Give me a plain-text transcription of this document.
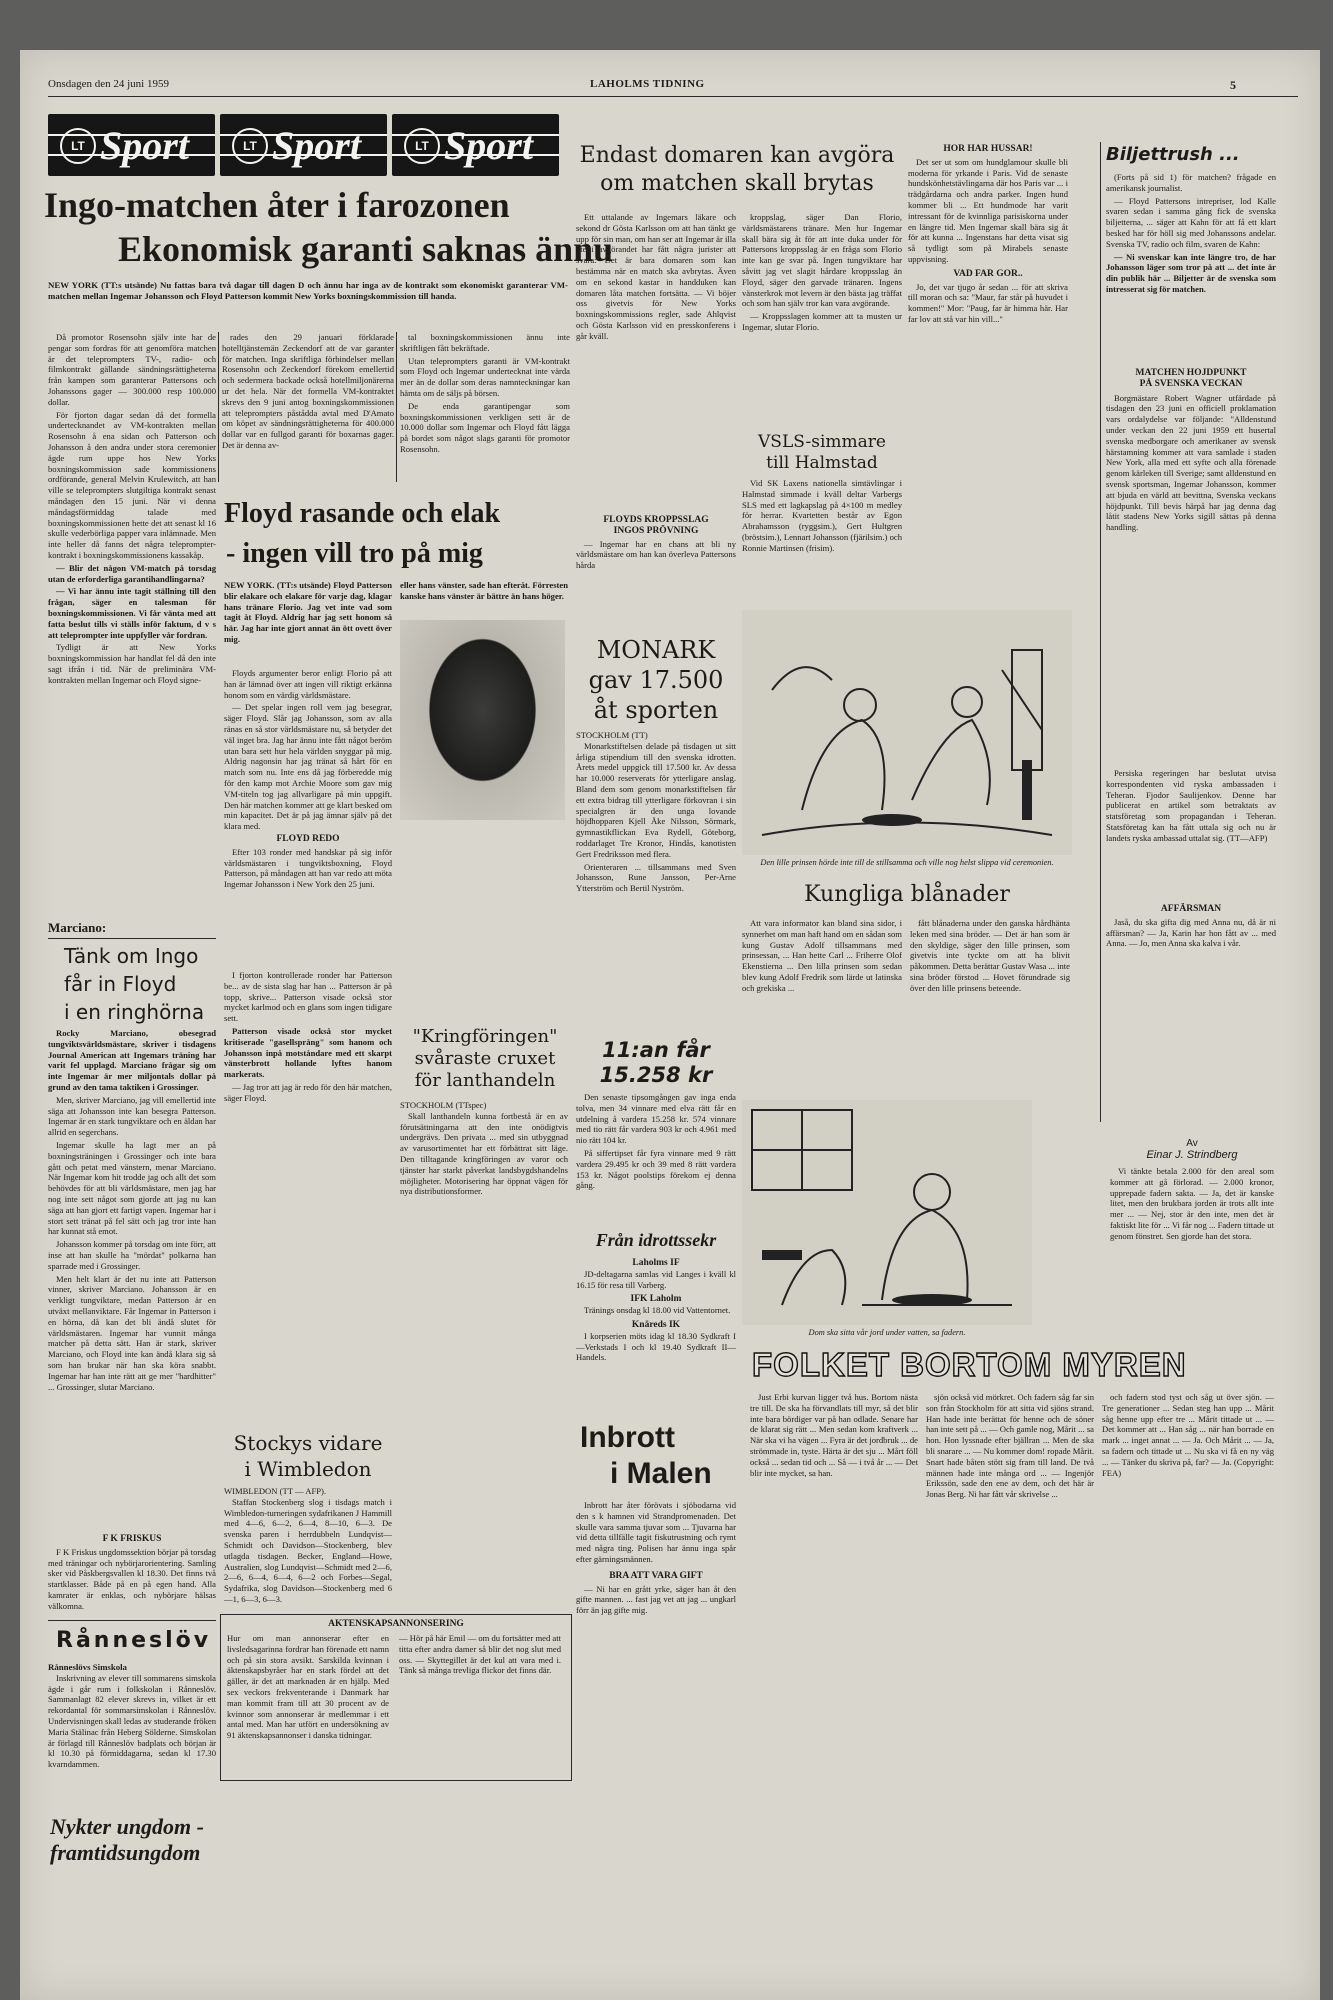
Onsdagen den 24 juni 1959	LAHOLMS TIDNING	5
LT Sport	LT Sport	LT Sport
Ingo-matchen åter i farozonen
Ekonomisk garanti saknas ännu
NEW YORK (TT:s utsände) Nu fattas bara två dagar till dagen D och ännu har inga av de kontrakt som ekonomiskt garanterar VM-matchen mellan Ingemar Johansson och Floyd Patterson kommit New Yorks boxningskommission till handa.

Då promotor Rosensohn själv inte har de pengar som fordras för att genomföra matchen är det teleprompters TV-, radio- och filmkontrakt gällande sändningsrättigheterna från kampen som garanterar Pattersons och Johanssons gager — 300.000 resp 100.000 dollar.

För fjorton dagar sedan då det formella undertecknandet av VM-kontrakten mellan Rosensohn å ena sidan och Patterson och Johansson å den andra under stora ceremonier ägde rum uppe hos New Yorks boxningskommission sade kommissionens ordförande, general Melvin Krulewitch, att han ville se teleprompters slutgiltiga kontrakt senast måndagen den 15 juni. När vi denna måndagsförmiddag talade med boxningskommissionen hette det att senast kl 16 skulle vederbörliga papper vara inlämnade. Men inte heller då fanns det några teleprompter-kontrakt i boxningskommissionens kassakåp.

— Blir det någon VM-match på torsdag utan de erforderliga garantihandlingarna?

— Vi har ännu inte tagit ställning till den frågan, säger en talesman för boxningskommissionen. Vi får vänta med att fatta beslut tills vi ställs inför faktum, d v s att teleprompter inte uppfyller vår fordran.

Tydligt är att New Yorks boxningskommission har handlat fel då den inte sagt ifrån i tid. När de preliminära VM-kontrakten mellan Ingemar och Floyd signe-

rades den 29 januari förklarade hotelltjänstemän Zeckendorf att de var garanter för matchen. Inga skriftliga förbindelser mellan Rosensohn och Zeckendorf förekom emellertid och sedermera backade också hotellmiljonärerna ur det hela. När det formella VM-kontraktet skrevs den 9 juni antog boxningskommissionen att teleprompters påstådda avtal med D'Amato om köpet av sändningsrättigheterna för 400.000 dollar var en fullgod garanti för boxarnas gager. Det är denna av-

tal boxningskommissionen ännu inte skriftligen fått bekräftade.

Utan teleprompters garanti är VM-kontrakt som Floyd och Ingemar undertecknat inte värda mer än de dollar som deras namnteckningar kan hämta om de säljs på börsen.

De enda garantipengar som boxningskommissionen verkligen sett är de 10.000 dollar som Ingemar och Floyd fått lägga på bordet som något slags garanti för promotor Rosensohn.

Floyd rasande och elak
- ingen vill tro på mig
NEW YORK. (TT:s utsände) Floyd Patterson blir elakare och elakare för varje dag, klagar hans tränare Florio. Jag vet inte vad som tagit åt Floyd. Aldrig har jag sett honom så här. Jag har inte gjort annat än ött ovett över mig.
eller hans vänster, sade han efteråt. Förresten kanske hans vänster är bättre än hans höger.

Floyds argumenter beror enligt Florio på att han är lämnad över att ingen vill riktigt erkänna honom som en värdig världsmästare.

— Det spelar ingen roll vem jag besegrar, säger Floyd. Slår jag Johansson, som av alla ränas en så stor världsmästare nu, så betyder det väl inget bra. Jag har ännu inte fått något beröm utan bara sett hur hela världen snyggar på mig. Aldrig nagonsin har jag tränat så hårt för en match som nu. Inte ens då jag förberedde mig för den kamp mot Archie Moore som gav mig VM-titeln tog jag allvarligare på min uppgift. Den här matchen kommer att ge klart besked om min kapacitet. Det är på jag ämnar själv på det klara med.

FLOYD REDO

Efter 103 ronder med handskar på sig inför världsmästaren i tungviktsboxning, Floyd Patterson, på måndagen att han var redo att möta Ingemar Johansson i New York den 25 juni.

I fjorton kontrollerade ronder har Patterson be... av de sista slag har han ... Patterson är på topp, skrive... Patterson visade också stor mycket karlmod och en glans som ingen tidigare sett.

Patterson visade också stor mycket kritiserade "gasellsprång" som hanom och Johansson inpå motståndare med ett skarpt vänsterbrott hollande lyftes hanom markerats.

— Jag tror att jag är redo för den här matchen, säger Floyd.

Marciano:
Tänk om Ingo
får in Floyd
i en ringhörna

Rocky Marciano, obesegrad tungviktsvärldsmästare, skriver i tisdagens Journal American att Ingemars träning har varit fel upplagd. Marciano frågar sig om inte Ingemar är mer miljontals dollar på grund av den tama taktiken i Grossinger.

Men, skriver Marciano, jag vill emellertid inte säga att Johansson inte kan besegra Patterson. Ingemar är en stark tungviktare och en äldan har allrid en segerchans.

Ingemar skulle ha lagt mer an på boxningsträningen i Grossinger och inte bara gått och petat med vänstern, menar Marciano. När Ingemar kom hit trodde jag och allt det som behövdes för att bli världsmästare, men jag har nog inte sett något som gjorde att jag nu kan säga att han gjort ett fartigt vapen. Ingemar har i stort sett tränat på fel sätt och jag tror inte han har kunnat stå emot.

Johansson kommer på torsdag om inte förr, att inse att han skulle ha "mördat" polkarna han sparrade med i Grossinger.

Men helt klart är det nu inte att Patterson vinner, skriver Marciano. Johansson är en verkligt tungviktare, medan Patterson är en utväxt mellanviktare. Får Ingemar in Patterson i en hörna, då kan det bli ändå slutet för världsmästaren. Ingemar har vunnit många matcher på detta sätt. Han är stark, skriver Marciano, och Floyd inte kan ändå klara sig så som han brukar när han ska köra snabbt. Ingemar har han inte rätt att ge mer "hardhitter" ... Grossinger, slutar Marciano.

F K FRISKUS

F K Friskus ungdomssektion börjar på torsdag med träningar och nybörjarorientering. Samling sker vid Påskbergsvallen kl 18.30. Det finns två startklasser. Både på en på egen hand. Alla kamrater är enklas, och nybörjare hälsas välkomna.

Rånneslöv
Rånneslövs Simskola

Inskrivning av elever till sommarens simskola ägde i går rum i folkskolan i Rånneslöv. Sammanlagt 82 elever skrevs in, vilket är ett rekordantal för sommarsimskolan i Rånneslöv. Undervisningen skall ledas av studerande fröken Maria Stälinac från Heberg Sölderne. Simskolan är förlagd till Rånneslöv badplats och början är kl 10.30 på förmiddagarna, sedan kl 17.30 kvarndammen.

Nykter ungdom - framtidsungdom
AKTENSKAPSANNONSERING
Hur om man annonserar efter en livsledsagarinna fordrar han förenade ett namn och på sin stora avsikt. Sarskilda kvinnan i äktenskapsbyråer har en stark fördel att det gäller, är det att marknaden är en hjälp. Med sex veckors frekventerande i Danmark har man kommit fram till att 30 procent av de kvinnor som annonserar är medlemmar i ett antal med. Man har utfört en undersökning av 91 äktenskapsannonser i danska tidningar.
— Hör på här Emil — om du fortsätter med att titta efter andra damer så blir det nog slut med oss. — Skyttegillet är det kul att vara med i. Tänk så många trevliga flickor det finns där.
"Kringföringen"
svåraste cruxet
för lanthandeln
STOCKHOLM (TTspec)

Skall lanthandeln kunna fortbestå är en av förutsättningarna att den inte onödigtvis undergrävs. Den privata ... med sin utbyggnad av varusortimentet har ett förbättrat sitt läge. Den tilltagande kringföringen av varor och tjänster har starkt påverkat landsbygdshandelns möjligheter. Motorisering har öppnat vägen för nya distributionsformer.

Stockys vidare
i Wimbledon
WIMBLEDON (TT — AFP).

Staffan Stockenberg slog i tisdags match i Wimbledon-turneringen sydafrikanen J Hammill med 4—6, 6—2, 6—4, 8—10, 6—3. De svenska paren i herrdubbeln Lundqvist—Schmidt och Davidson—Stockenberg, blev utlagda tisdagen. Becker, England—Howe, Australien, slog Lundqvist—Schmidt med 2—6, 2—6, 6—4, 6—4, 6—2 och Forbes—Segal, Sydafrika, slog Davidson—Stockenberg med 6—1, 6—3, 6—3.

Endast domaren kan avgöra
om matchen skall brytas

Ett uttalande av Ingemars läkare och sekond dr Gösta Karlsson om att han tänkt ge upp för sin man, om han ser att Ingemar är illa ute i avgörandet har fått några jurister att svara: Det är bara domaren som kan bestämma när en match ska avbrytas. Även om en sekond kastar in handduken kan domaren låta matchen fortsätta. — Vi böjer oss givetvis för New Yorks boxningskommissions regler, sade Ahlqvist och Gösta Karlsson vid en presskonferens i går kväll.

kroppslag, säger Dan Florio, världsmästarens tränare. Men hur Ingemar skall bära sig åt för att inte duka under för Pattersons kroppsslag är en fråga som Florio inte kan ge svar på. Ingen tungviktare har såvitt jag vet slagit hårdare kroppsslag än Floyd, säger den garvade tränaren. Ingens vänsterkrok mot levern är den bästa jag träffat och som han själv tror kan vara avgörande.

— Kroppsslagen kommer att ta musten ur Ingemar, slutar Florio.

FLOYDS KROPPSSLAG
INGOS PRÖVNING

— Ingemar har en chans att bli ny världsmästare om han kan överleva Pattersons hårda

VSLS-simmare
till Halmstad

Vid SK Laxens nationella simtävlingar i Halmstad simmade i kväll deltar Varbergs SLS med ett lagkapslag på 4×100 m medley för herrar. Kvartetten består av Egon Abrahamsson (ryggsim.), Gert Hultgren (bröstsim.), Lennart Johansson (fjärilsim.) och Ronnie Martinsen (frisim).

MONARK
gav 17.500
åt sporten
STOCKHOLM (TT)

Monarkstiftelsen delade på tisdagen ut sitt årliga stipendium till den svenska idrotten. Årets medel uppgick till 17.500 kr. Av dessa har 10.000 reserverats för ytterligare anslag. Bland dem som genom monarkstiftelsen får ett extra bidrag till ytterligare förkovran i sin specialgren är den unga lovande höjdhopparen Kjell Åke Nilsson, Sörmark, gymnastikflickan Eva Rydell, Göteborg, roddarlaget Tre Kronor, Hindås, kanotisten Gert Fredriksson med flera.

Orienteraren ... tillsammans med Sven Johansson, Rune Jansson, Per-Arne Ytterström och Bertil Nyström.

11:an får
15.258 kr

Den senaste tipsomgången gav inga enda tolva, men 34 vinnare med elva rätt får en utdelning å vardera 15.258 kr. 574 vinnare med tio rätt får vardera 903 kr och 4.961 med nio rätt 104 kr.

På siffertipset får fyra vinnare med 9 rätt vardera 29.495 kr och 39 med 8 rätt vardera 153 kr. Något poolstips förekom ej denna gång.

Från idrottssekr
Laholms IF

JD-deltagarna samlas vid Langes i kväll kl 16.15 för resa till Varberg.

IFK Laholm

Tränings onsdag kl 18.00 vid Vattentornet.

Knäreds IK

I korpserien möts idag kl 18.30 Sydkraft I—Verkstads I och kl 19.40 Sydkraft II—Handels.

Inbrott
i Malen

Inbrott har åter förövats i sjöbodarna vid den s k hamnen vid Strandpromenaden. Det skulle vara samma tjuvar som ... Tjuvarna har vid detta tillfälle tagit fiskutrustning och rymt med några ting. Polisen har ännu inga spår efter gärningsmännen.

BRA ATT VARA GIFT

— Ni har en grått yrke, säger han åt den gifte mannen. ... fast jag vet att jag ... ungkarl förr än jag gifte mig.

HOR HAR HUSSAR!

Det ser ut som om hundglamour skulle bli moderna för yrkande i Paris. Vid de senaste hundskönhetstävlingarna där hos Paris var ... i trädgårdarna och andra parker. Ingen hund kommer bli ... Ett hundmode har varit intressant för de kvinnliga parisiskorna under en längre tid. Men Ingemar skall bära sig åt för att kunna ... Ingenstans har detta visat sig så tydligt som på Mirabels senaste uppvisning.

VAD FAR GOR..

Jo, det var tjugo år sedan ... för att skriva till moran och sa: "Maur, far står på huvudet i kommen!" Mor: "Paug, far är himma här. Har far lov att stå var hin vill..."

Den lille prinsen hörde inte till de stillsamma och ville nog helst slippa vid ceremonien.
Kungliga blånader

Att vara informator kan bland sina sidor, i synnerhet om man haft hand om en sådan som kung Gustav Adolf tillsammans med prinsessan, ... Han hette Carl ... Friherre Olof Ekenstierna ... Den lilla prinsen som sedan blev kung Adolf Fredrik som lärde ut latinska och grekiska ...

fått blånaderna under den ganska hårdhänta leken med sina bröder. — Det är han som är den skyldige, säger den lille prinsen, som givetvis inte tyckte om att ha blivit påkommen. Detta berättar Gustav Wasa ... inte sina bröder förstod ... Hovet förundrade sig över den lille prinsens beteende.

Dom ska sitta vår jord under vatten, sa fadern.
Av
Einar J. Strindberg

Vi tänkte betala 2.000 för den areal som kommer att gå förlorad. — 2.000 kronor, upprepade fadern sakta. — Ja, det är kanske litet, men den brukbara jorden är trots allt inte mer ... — Nej, stor är den inte, men det är faktiskt lite för ... Vi får nog ... Fadern tittade ut genom fönstret. Sen gjorde han det stora.

FOLKET BORTOM MYREN

Just Erbi kurvan ligger två hus. Bortom nästa tre till. De ska ha förvandlats till myr, så det blir inte bara bördiger var på han odlade. Senare har de klarat sig rätt ... Men sedan kom kraftverk ... När ska vi ha vägen ... Fyra är det jordbruk ... de strömmade in, tyste. Härta är det sju ... Mårt föll också ... sedan tid och ... Så — i två år ... — Det blir inte mycket, sa han.

sjön också vid mörkret. Och fadern såg far sin son från Stockholm för att sitta vid sjöns strand. Han hade inte berättat för henne och de söner han inte sett på ... — Och gamle nog, Mårit ... sa hon. Hon lyssnade efter bjällran ... Men de ska bli snarare ... — Nu kommer dom! ropade Mårit. Snart hade båten stött sig fram till land. De två männen hade inte många ord ... — Ingenjör Erikssön, sade den ene av dem, och det här är Jonas Berg. Ni har fått vår skrivelse ...

och fadern stod tyst och såg ut över sjön. — Tre generationer ... Sedan steg han upp ... Mårit såg henne upp efter tre ... Mårit tittade ut ... — Det kommer att ... Han såg ... när han borrade en mark ... inget annat ... — Ja. Och Mårit ... — Ja, sa fadern och tittade ut ... Nu ska vi få en ny väg ... — Tänker du skriva på, far? — Ja. (Copyright: FEA)

Biljettrush ...

(Forts på sid 1) för matchen? frågade en amerikansk journalist.

— Floyd Pattersons intrepriser, lod Kalle svaren sedan i samma gång fick de svenska biljetterna, ... säger att Kahn för att få ett klart besked har för höll sig med Johanssons andelar. Svenska TV, radio och film, svaren de Kahn:

— Ni svenskar kan inte längre tro, de har Johansson läger som tror på att ... det inte är din publik här ... Biljetter är de svenska som intresserat sig för matchen.

MATCHEN HÖJDPUNKT
PÅ SVENSKA VECKAN

Borgmästare Robert Wagner utfärdade på tisdagen den 23 juni en officiell proklamation vars ordalydelse var följande: "Alldenstund under veckan den 22 juni 1959 ett husertal svenska medborgare och amerikaner av svensk härstamning kommer att vara samlade i staden New York, alla med ett syfte och alla förenade genom kärleken till Sverige; samt alldenstund en svensk sportsman, Ingemar Johansson, kommer att bjuda en värld att bevittna, Svenska veckans höjdpunkt. Till bevis härpå har jag denna dag låtit stadens New Yorks sigill sättas på denna handling.

Persiska regeringen har beslutat utvisa korrespondenten vid ryska ambassaden i Teheran. Fjodor Saulijenkov. Denne har publicerat en artikel som betraktats av statsföretag som propagandan i Teheran. Statsföretag kan ha fått uttala sig och nu är landets ryska ambassad uttalat sig. (TT—AFP)

AFFÄRSMAN

Jaså, du ska gifta dig med Anna nu, då är ni affärsman? — Ja, Karin har hon fått av ... med Anna. — Jo, men Anna ska kalva i vår.
